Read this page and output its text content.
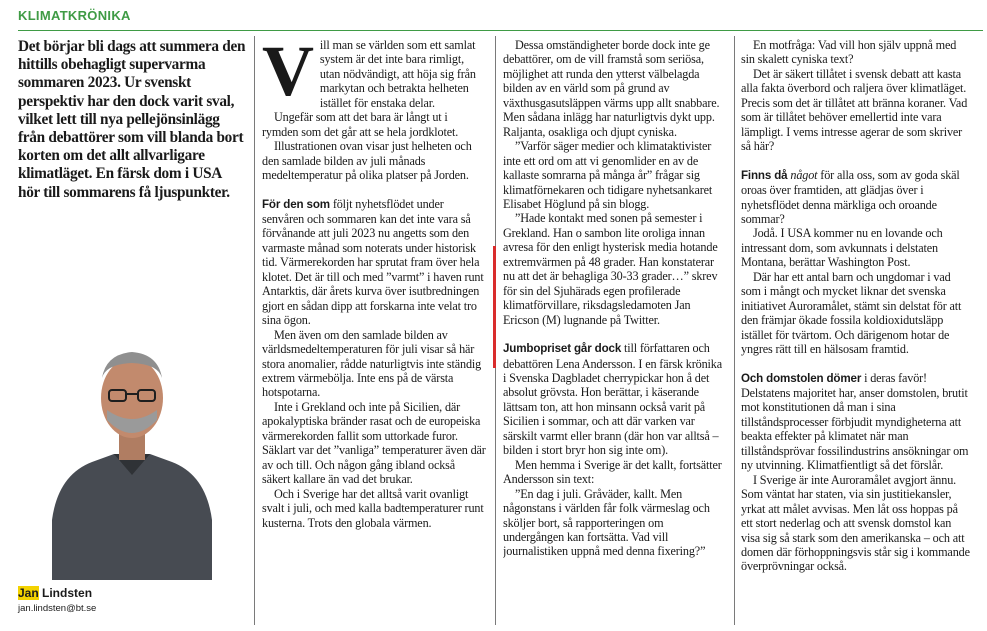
KLIMATKRÖNIKA
Det börjar bli dags att summera den hittills obehagligt supervarma sommaren 2023. Ur svenskt perspektiv har den dock varit sval, vilket lett till nya pellejönsinlägg från debattörer som vill blanda bort korten om det allt allvarligare klimatläget. En färsk dom i USA hör till sommarens få ljuspunkter.
Jan Lindsten
jan.lindsten@bt.se
V ill man se världen som ett samlat system är det inte bara rimligt, utan nödvändigt, att höja sig från markytan och betrakta helheten istället för enstaka delar.

Ungefär som att det bara är långt ut i rymden som det går att se hela jordklotet.

Illustrationen ovan visar just helheten och den samlade bilden av juli månads medeltemperatur på olika platser på Jorden.

För den som följt nyhetsflödet under senvåren och sommaren kan det inte vara så förvånande att juli 2023 nu angetts som den varmaste månad som noterats under historisk tid. Värmerekorden har sprutat fram över hela klotet. Det är till och med ”varmt” i haven runt Antarktis, där årets kurva över isutbredningen gjort en sådan dipp att forskarna inte velat tro sina ögon.

Men även om den samlade bilden av världsmedeltemperaturen för juli visar så här stora anomalier, rådde naturligtvis inte ständig extrem värmebölja. Inte ens på de värsta hotspotarna.

Inte i Grekland och inte på Sicilien, där apokalyptiska bränder rasat och de europeiska värmerekorden fallit som uttorkade furor. Säklart var det ”vanliga” temperaturer även där av och till. Och någon gång ibland också säkert kallare än vad det brukar.

Och i Sverige har det alltså varit ovanligt svalt i juli, och med kalla badtemperaturer runt kusterna. Trots den globala värmen.

Dessa omständigheter borde dock inte ge debattörer, om de vill framstå som seriösa, möjlighet att runda den ytterst välbelagda bilden av en värld som på grund av växthusgasutsläppen värms upp allt snabbare. Men sådana inlägg har naturligtvis dykt upp. Raljanta, osakliga och djupt cyniska.

”Varför säger medier och klimataktivister inte ett ord om att vi genomlider en av de kallaste somrarna på många år” frågar sig klimatförnekaren och tidigare nyhetsankaret Elisabet Höglund på sin blogg.

”Hade kontakt med sonen på semester i Grekland. Han o sambon lite oroliga innan avresa för den enligt hysterisk media hotande extremvärmen på 48 grader. Han konstaterar nu att det är behagliga 30-33 grader…” skrev för sin del Sjuhärads egen profilerade klimatförvillare, riksdagsledamoten Jan Ericson (M) lugnande på Twitter.

Jumbopriset går dock till författaren och debattören Lena Andersson. I en färsk krönika i Svenska Dagbladet cherrypickar hon å det absolut grövsta. Hon berättar, i käserande lättsam ton, att hon minsann också varit på Sicilien i sommar, och att där varken var särskilt varmt eller brann (där hon var alltså – bilden i stort bryr hon sig inte om).

Men hemma i Sverige är det kallt, fortsätter Andersson sin text:

”En dag i juli. Gråväder, kallt. Men någonstans i världen får folk värmeslag och sköljer bort, så rapporteringen om undergången kan fortsätta. Vad vill journalistiken uppnå med denna fixering?”

En motfråga: Vad vill hon själv uppnå med sin skalett cyniska text?

Det är säkert tillåtet i svensk debatt att kasta alla fakta överbord och raljera över klimatläget. Precis som det är tillåtet att bränna koraner. Vad som är tillåtet behöver emellertid inte vara lämpligt. I vems intresse agerar de som skriver så här?

Finns då något för alla oss, som av goda skäl oroas över framtiden, att glädjas över i nyhetsflödet denna märkliga och oroande sommar?

Jodå. I USA kommer nu en lovande och intressant dom, som avkunnats i delstaten Montana, berättar Washington Post.

Där har ett antal barn och ungdomar i vad som i mångt och mycket liknar det svenska initiativet Auroramålet, stämt sin delstat för att den främjar ökade fossila koldioxidutsläpp istället för tvärtom. Och därigenom hotar de yngres rätt till en hälsosam framtid.

Och domstolen dömer i deras favör! Delstatens majoritet har, anser domstolen, brutit mot konstitutionen då man i sina tillståndsprocesser förbjudit myndigheterna att beakta effekter på klimatet när man tillståndsprövar fossilindustrins ansökningar om ny utvinning. Klimatfientligt så det förslår.

I Sverige är inte Auroramålet avgjort ännu. Som väntat har staten, via sin justitiekansler, yrkat att målet avvisas. Men låt oss hoppas på ett stort nederlag och att svensk domstol kan visa sig så stark som den amerikanska – och att domen där förhoppningsvis står sig i kommande överprövningar också.
